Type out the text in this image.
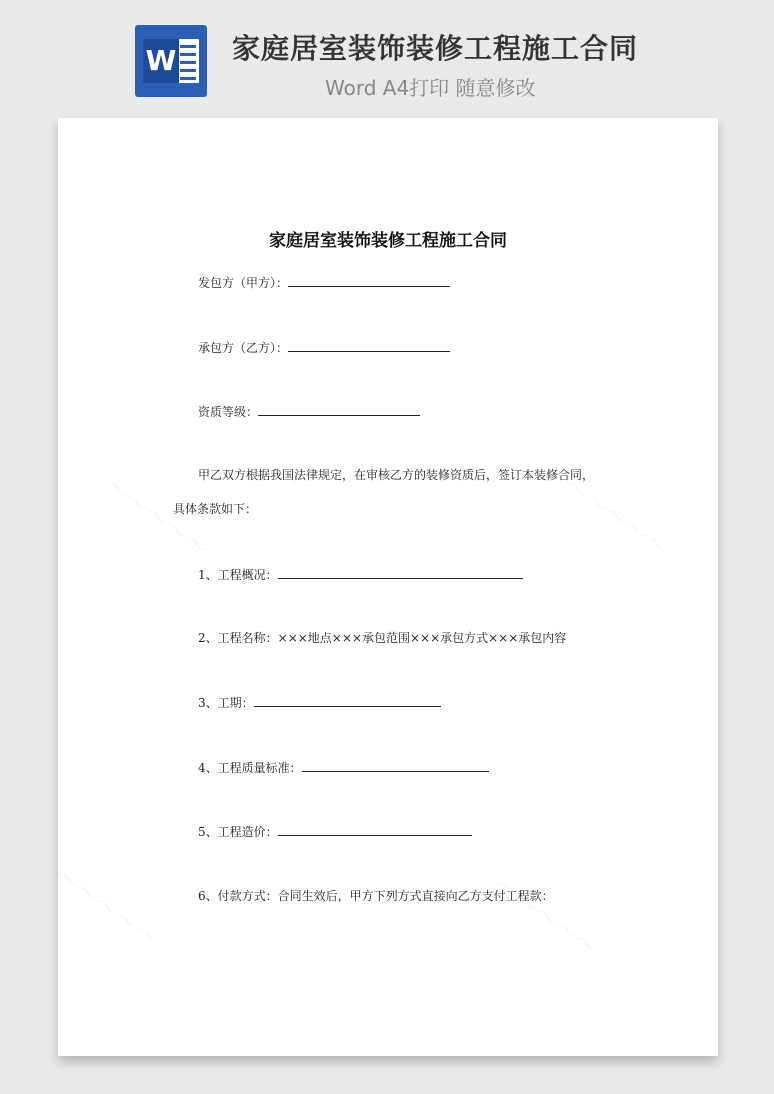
W 家庭居室装饰装修工程施工合同
Word A4打印 随意修改
家庭居室装饰装修工程施工合同
发包方（甲方）：
承包方（乙方）：
资质等级：
甲乙双方根据我国法律规定，在审核乙方的装修资质后，签订本装修合同，
具体条款如下：
1、工程概况：
2、工程名称：×××地点×××承包范围×××承包方式×××承包内容
3、工期：
4、工程质量标准：
5、工程造价：
6、付款方式：合同生效后，甲方下列方式直接向乙方支付工程款：
